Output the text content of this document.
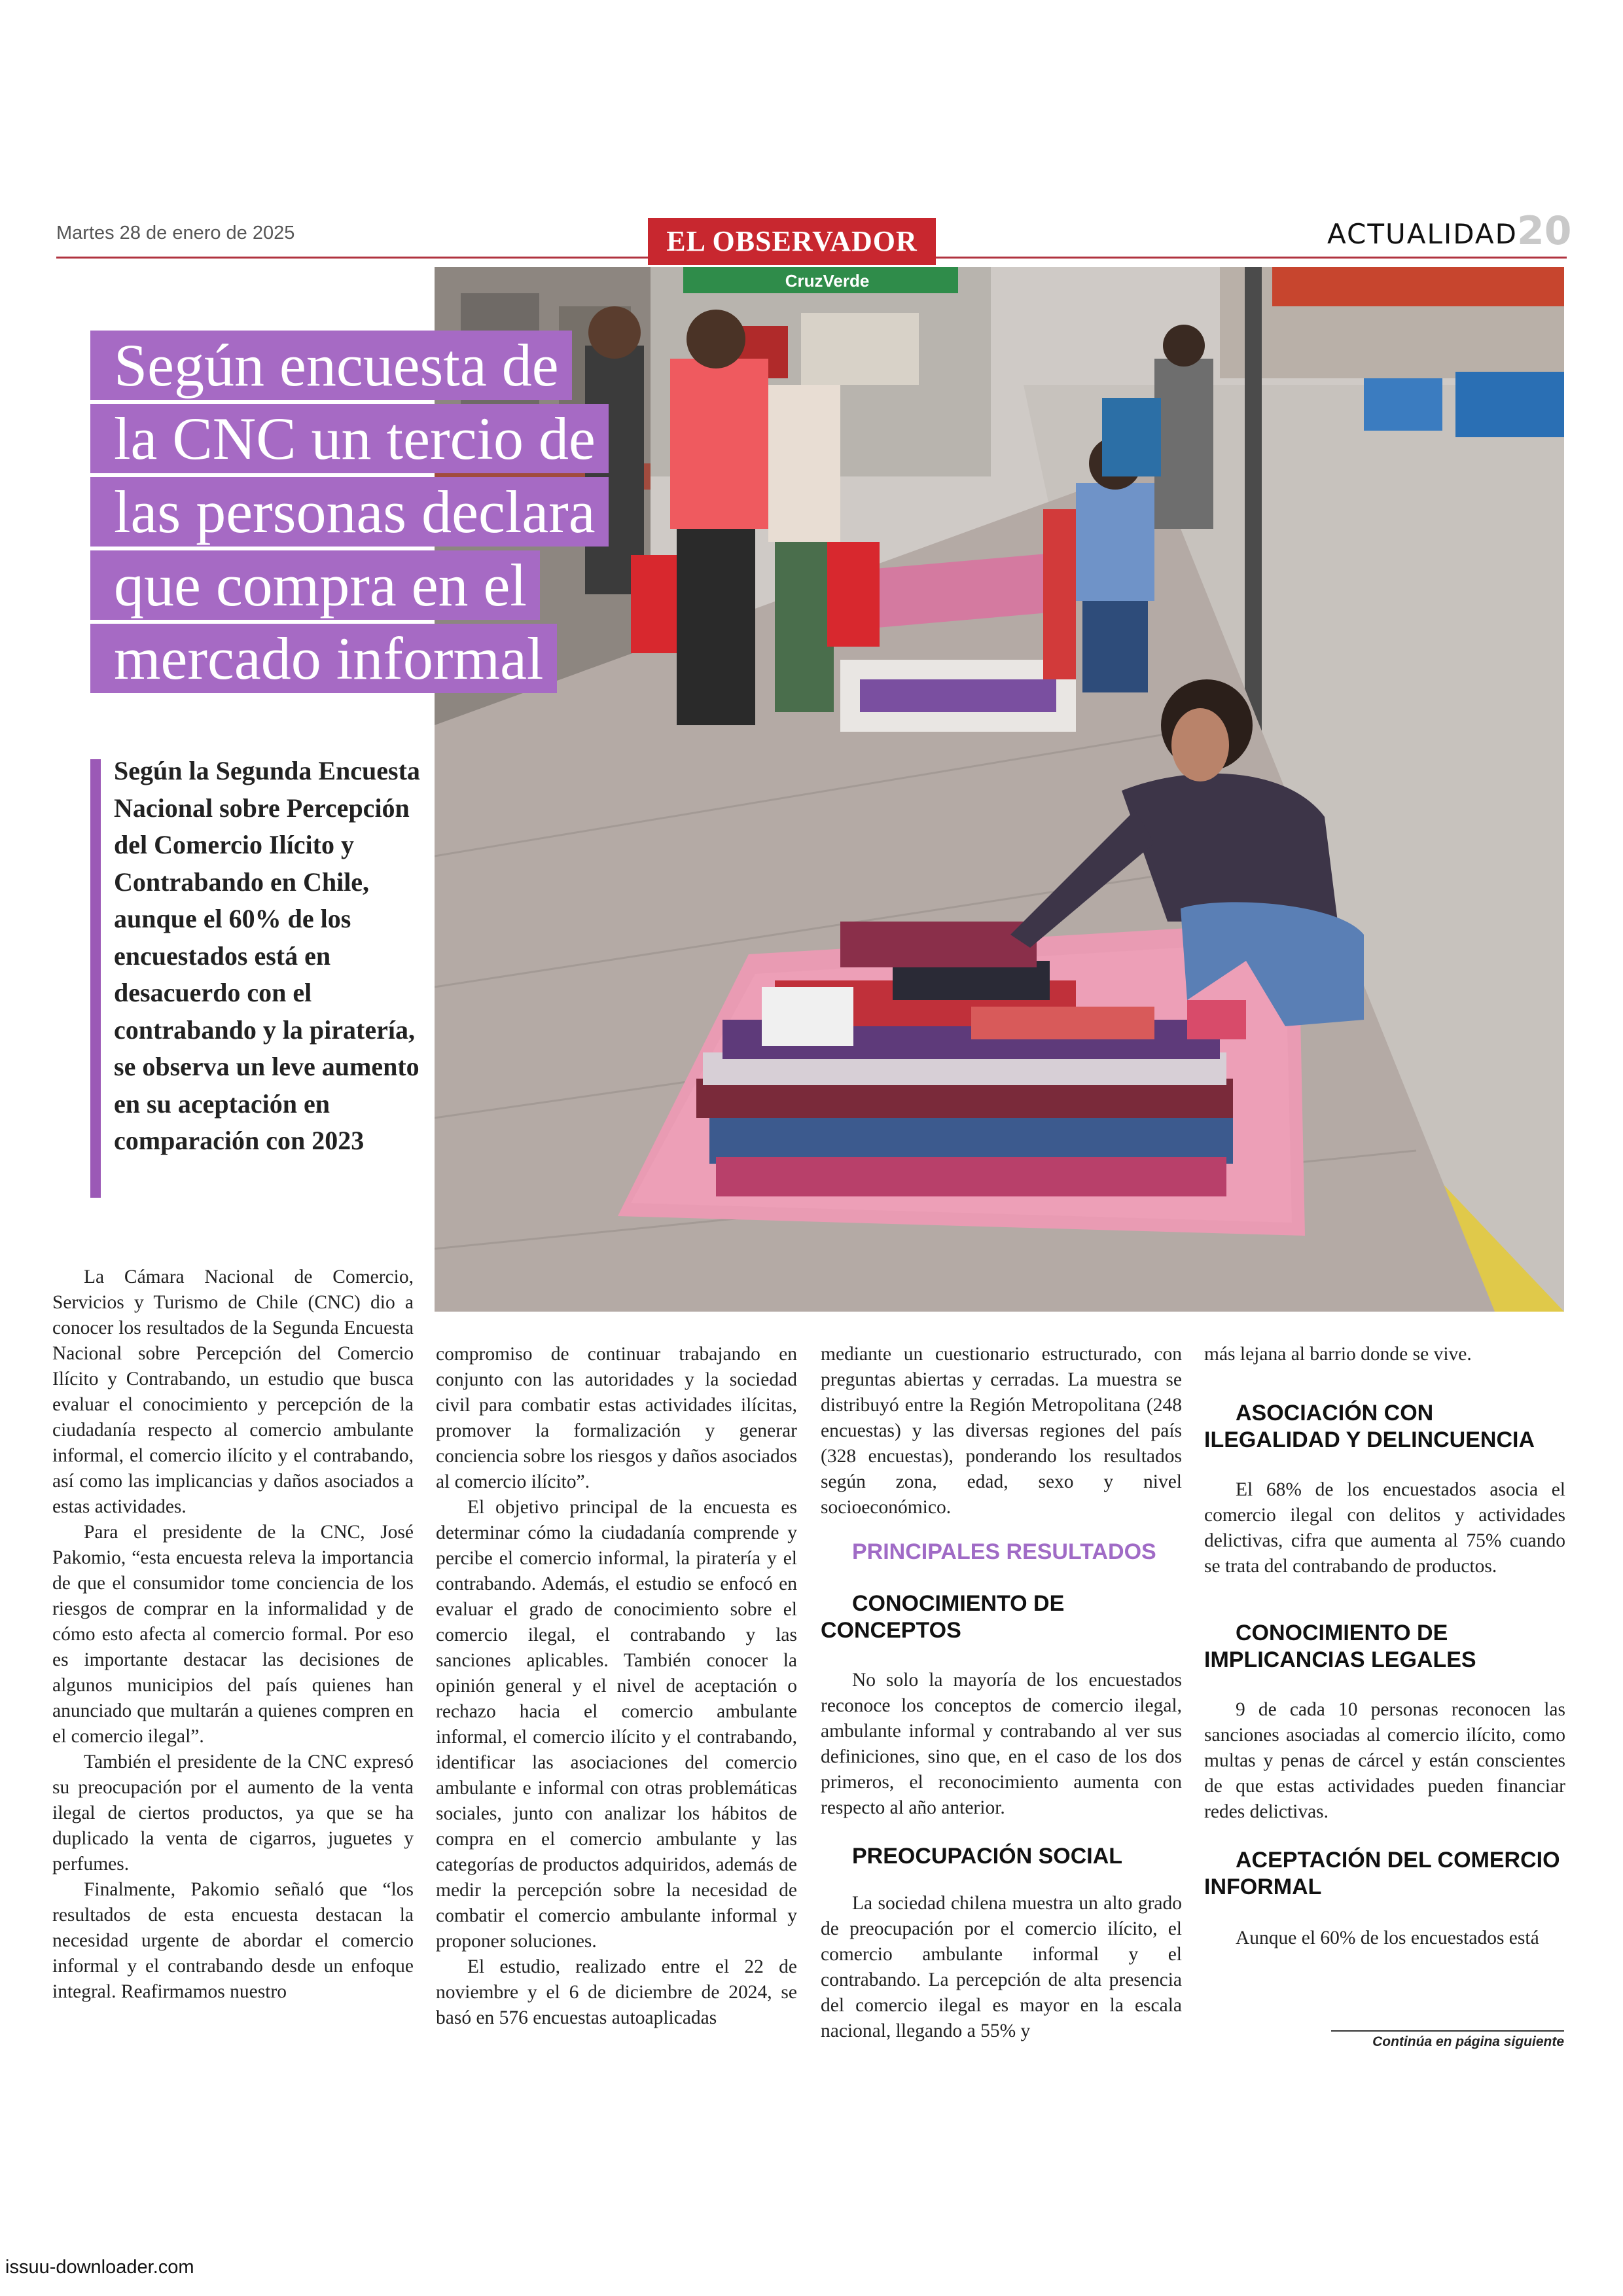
Martes 28 de enero de 2025	EL OBSERVADOR	ACTUALIDAD 20
CruzVerde
Según encuesta de
la CNC un tercio de
las personas declara
que compra en el
mercado informal
Según la Segunda Encuesta Nacional sobre Percepción del Comercio Ilícito y Contrabando en Chile, aunque el 60% de los encuestados está en desacuerdo con el contrabando y la piratería, se observa un leve aumento en su aceptación en comparación con 2023

La Cámara Nacional de Comercio, Servicios y Turismo de Chile (CNC) dio a conocer los resultados de la Segunda Encuesta Nacional sobre Percepción del Comercio Ilícito y Contrabando, un estudio que busca evaluar el conocimiento y percepción de la ciudadanía respecto al comercio ambulante informal, el comercio ilícito y el contrabando, así como las implicancias y daños asociados a estas actividades.

Para el presidente de la CNC, José Pakomio, “esta encuesta releva la importancia de que el consumidor tome conciencia de los riesgos de comprar en la informalidad y de cómo esto afecta al comercio formal. Por eso es importante destacar las decisiones de algunos municipios del país quienes han anunciado que multarán a quienes compren en el comercio ilegal”.

También el presidente de la CNC expresó su preocupación por el aumento de la venta ilegal de ciertos productos, ya que se ha duplicado la venta de cigarros, juguetes y perfumes.

Finalmente, Pakomio señaló que “los resultados de esta encuesta destacan la necesidad urgente de abordar el comercio informal y el contrabando desde un enfoque integral. Reafirmamos nuestro

compromiso de continuar trabajando en conjunto con las autoridades y la sociedad civil para combatir estas actividades ilícitas, promover la formalización y generar conciencia sobre los riesgos y daños asociados al comercio ilícito”.

El objetivo principal de la encuesta es determinar cómo la ciudadanía comprende y percibe el comercio informal, la piratería y el contrabando. Además, el estudio se enfocó en evaluar el grado de conocimiento sobre el comercio ilegal, el contrabando y las sanciones aplicables. También conocer la opinión general y el nivel de aceptación o rechazo hacia el comercio ambulante informal, el comercio ilícito y el contrabando, identificar las asociaciones del comercio ambulante e informal con otras problemáticas sociales, junto con analizar los hábitos de compra en el comercio ambulante y las categorías de productos adquiridos, además de medir la percepción sobre la necesidad de combatir el comercio ambulante informal y proponer soluciones.

El estudio, realizado entre el 22 de noviembre y el 6 de diciembre de 2024, se basó en 576 encuestas autoaplicadas

mediante un cuestionario estructurado, con preguntas abiertas y cerradas. La muestra se distribuyó entre la Región Metropolitana (248 encuestas) y las diversas regiones del país (328 encuestas), ponderando los resultados según zona, edad, sexo y nivel socioeconómico.

PRINCIPALES RESULTADOS

CONOCIMIENTO DE CONCEPTOS

No solo la mayoría de los encuestados reconoce los conceptos de comercio ilegal, ambulante informal y contrabando al ver sus definiciones, sino que, en el caso de los dos primeros, el reconocimiento aumenta con respecto al año anterior.

PREOCUPACIÓN SOCIAL

La sociedad chilena muestra un alto grado de preocupación por el comercio ilícito, el comercio ambulante informal y el contrabando. La percepción de alta presencia del comercio ilegal es mayor en la escala nacional, llegando a 55% y

más lejana al barrio donde se vive.

ASOCIACIÓN CON ILEGALIDAD Y DELINCUENCIA

El 68% de los encuestados asocia el comercio ilegal con delitos y actividades delictivas, cifra que aumenta al 75% cuando se trata del contrabando de productos.

CONOCIMIENTO DE IMPLICANCIAS LEGALES

9 de cada 10 personas reconocen las sanciones asociadas al comercio ilícito, como multas y penas de cárcel y están conscientes de que estas actividades pueden financiar redes delictivas.

ACEPTACIÓN DEL COMERCIO INFORMAL

Aunque el 60% de los encuestados está

Continúa en página siguiente
issuu-downloader.com
